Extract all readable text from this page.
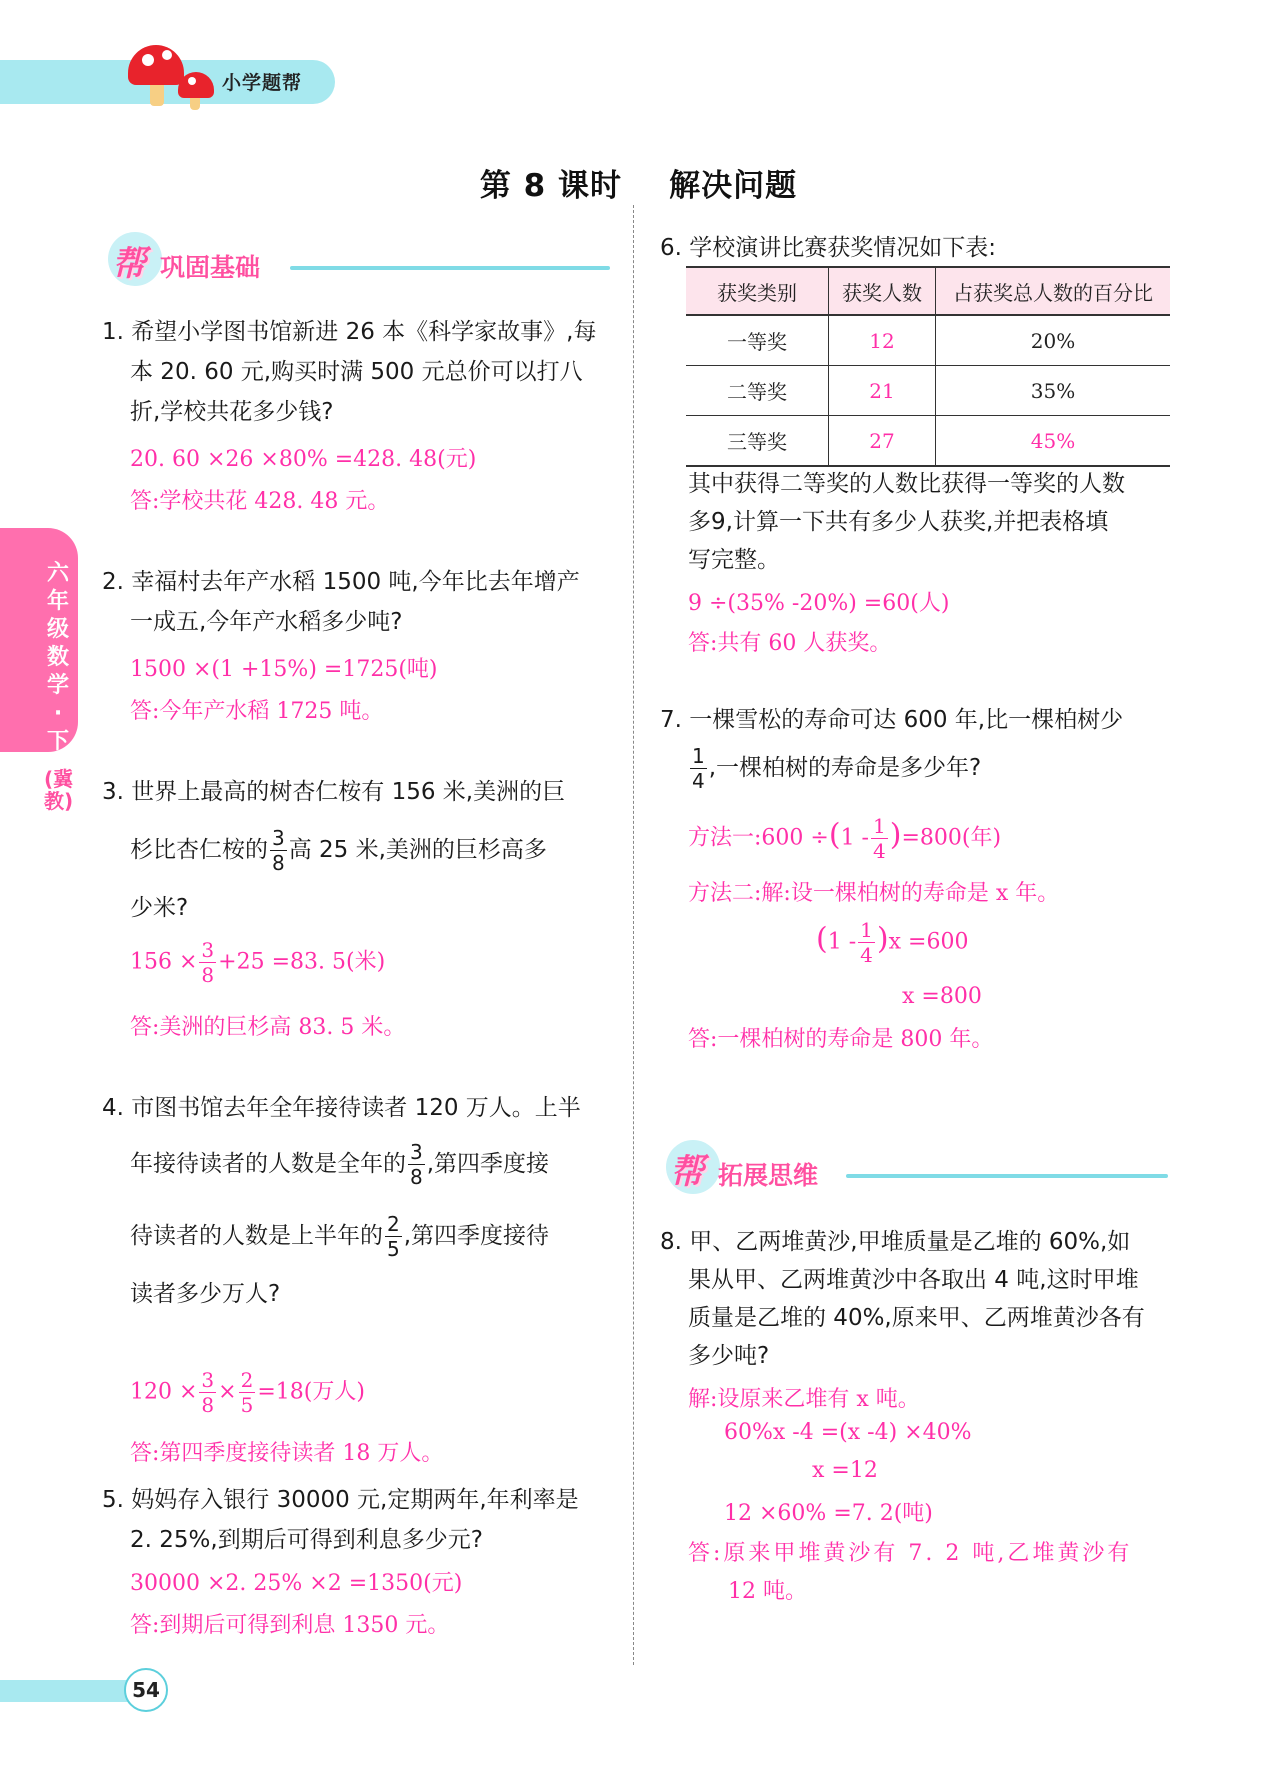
小学题帮
第 8 课时    解决问题
六年级数学·下
(冀教)
帮 巩固基础
1. 希望小学图书馆新进 26 本《科学家故事》,每
本 20. 60 元,购买时满 500 元总价可以打八
折,学校共花多少钱?
20. 60 ×26 ×80% =428. 48(元)
答:学校共花 428. 48 元。
2. 幸福村去年产水稻 1500 吨,今年比去年增产
一成五,今年产水稻多少吨?
1500 ×(1 +15%) =1725(吨)
答:今年产水稻 1725 吨。
3. 世界上最高的树杏仁桉有 156 米,美洲的巨
杉比杏仁桉的 $\frac{3}{8}$ 高 25 米,美洲的巨杉高多
少米?
$156 \times \frac{3}{8} +25 =83$. 5(米)
答:美洲的巨杉高 83. 5 米。
4. 市图书馆去年全年接待读者 120 万人。上半
年接待读者的人数是全年的 $\frac{3}{8}$ ,第四季度接
待读者的人数是上半年的 $\frac{2}{5}$ ,第四季度接待
读者多少万人?
$120 \times \frac{3}{8} \times \frac{2}{5} =18$(万人)
答:第四季度接待读者 18 万人。
5. 妈妈存入银行 30000 元,定期两年,年利率是
2. 25%,到期后可得到利息多少元?
30000 ×2. 25% ×2 =1350(元)
答:到期后可得到利息 1350 元。
6. 学校演讲比赛获奖情况如下表:
获奖类别	获奖人数	占获奖总人数的百分比
一等奖	12	20%
二等奖	21	35%
三等奖	27	45%
其中获得二等奖的人数比获得一等奖的人数
多9,计算一下共有多少人获奖,并把表格填
写完整。
9 ÷(35% -20%) =60(人)
答:共有 60 人获奖。
7. 一棵雪松的寿命可达 600 年,比一棵柏树少
$\frac{1}{4}$ ,一棵柏树的寿命是多少年?
方法一:600 $\div(1 - \frac{1}{4} )=800$(年)
方法二:解:设一棵柏树的寿命是 x 年。
$(1 - \frac{1}{4} )x =600$
x =800
答:一棵柏树的寿命是 800 年。
帮 拓展思维
8. 甲、乙两堆黄沙,甲堆质量是乙堆的 60%,如
果从甲、乙两堆黄沙中各取出 4 吨,这时甲堆
质量是乙堆的 40%,原来甲、乙两堆黄沙各有
多少吨?
解:设原来乙堆有 x 吨。
60%x -4 =(x -4) ×40%
x =12
12 ×60% =7. 2(吨)
答:原来甲堆黄沙有 7. 2 吨,乙堆黄沙有
12 吨。
54
